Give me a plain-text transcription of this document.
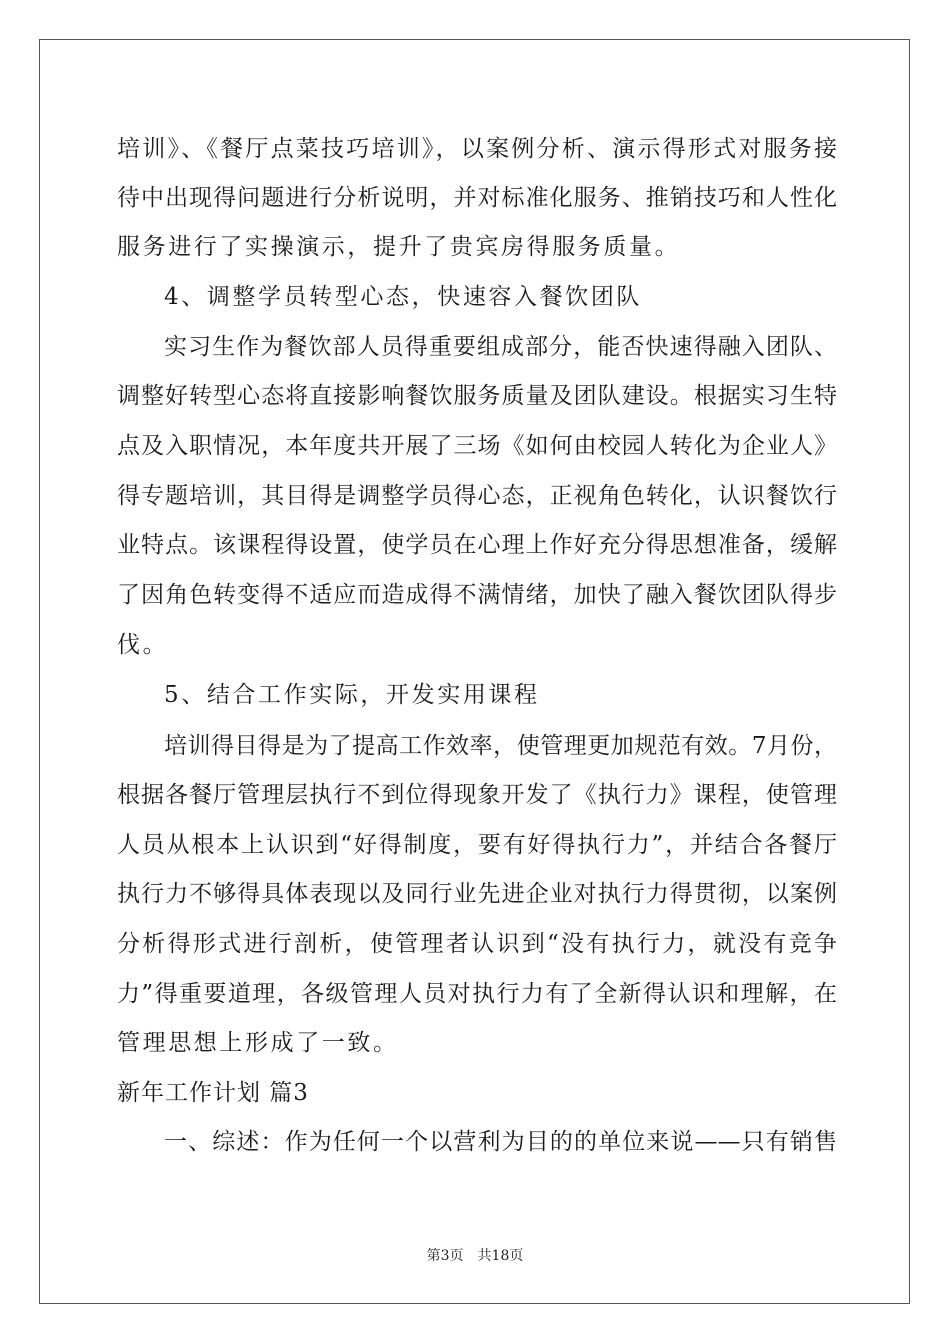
培训》、《餐厅点菜技巧培训》，以案例分析、演示得形式对服务接
待中出现得问题进行分析说明，并对标准化服务、推销技巧和人性化
服务进行了实操演示，提升了贵宾房得服务质量。
4、调整学员转型心态，快速容入餐饮团队
实习生作为餐饮部人员得重要组成部分，能否快速得融入团队、
调整好转型心态将直接影响餐饮服务质量及团队建设。根据实习生特
点及入职情况，本年度共开展了三场《如何由校园人转化为企业人》
得专题培训，其目得是调整学员得心态，正视角色转化，认识餐饮行
业特点。该课程得设置，使学员在心理上作好充分得思想准备，缓解
了因角色转变得不适应而造成得不满情绪，加快了融入餐饮团队得步
伐。
5、结合工作实际，开发实用课程
培训得目得是为了提高工作效率，使管理更加规范有效。7月份，
根据各餐厅管理层执行不到位得现象开发了《执行力》课程，使管理
人员从根本上认识到“好得制度，要有好得执行力”，并结合各餐厅
执行力不够得具体表现以及同行业先进企业对执行力得贯彻，以案例
分析得形式进行剖析，使管理者认识到“没有执行力，就没有竞争
力”得重要道理，各级管理人员对执行力有了全新得认识和理解，在
管理思想上形成了一致。
新年工作计划 篇3
一、综述：作为任何一个以营利为目的的单位来说——只有销售
第3页 共18页
